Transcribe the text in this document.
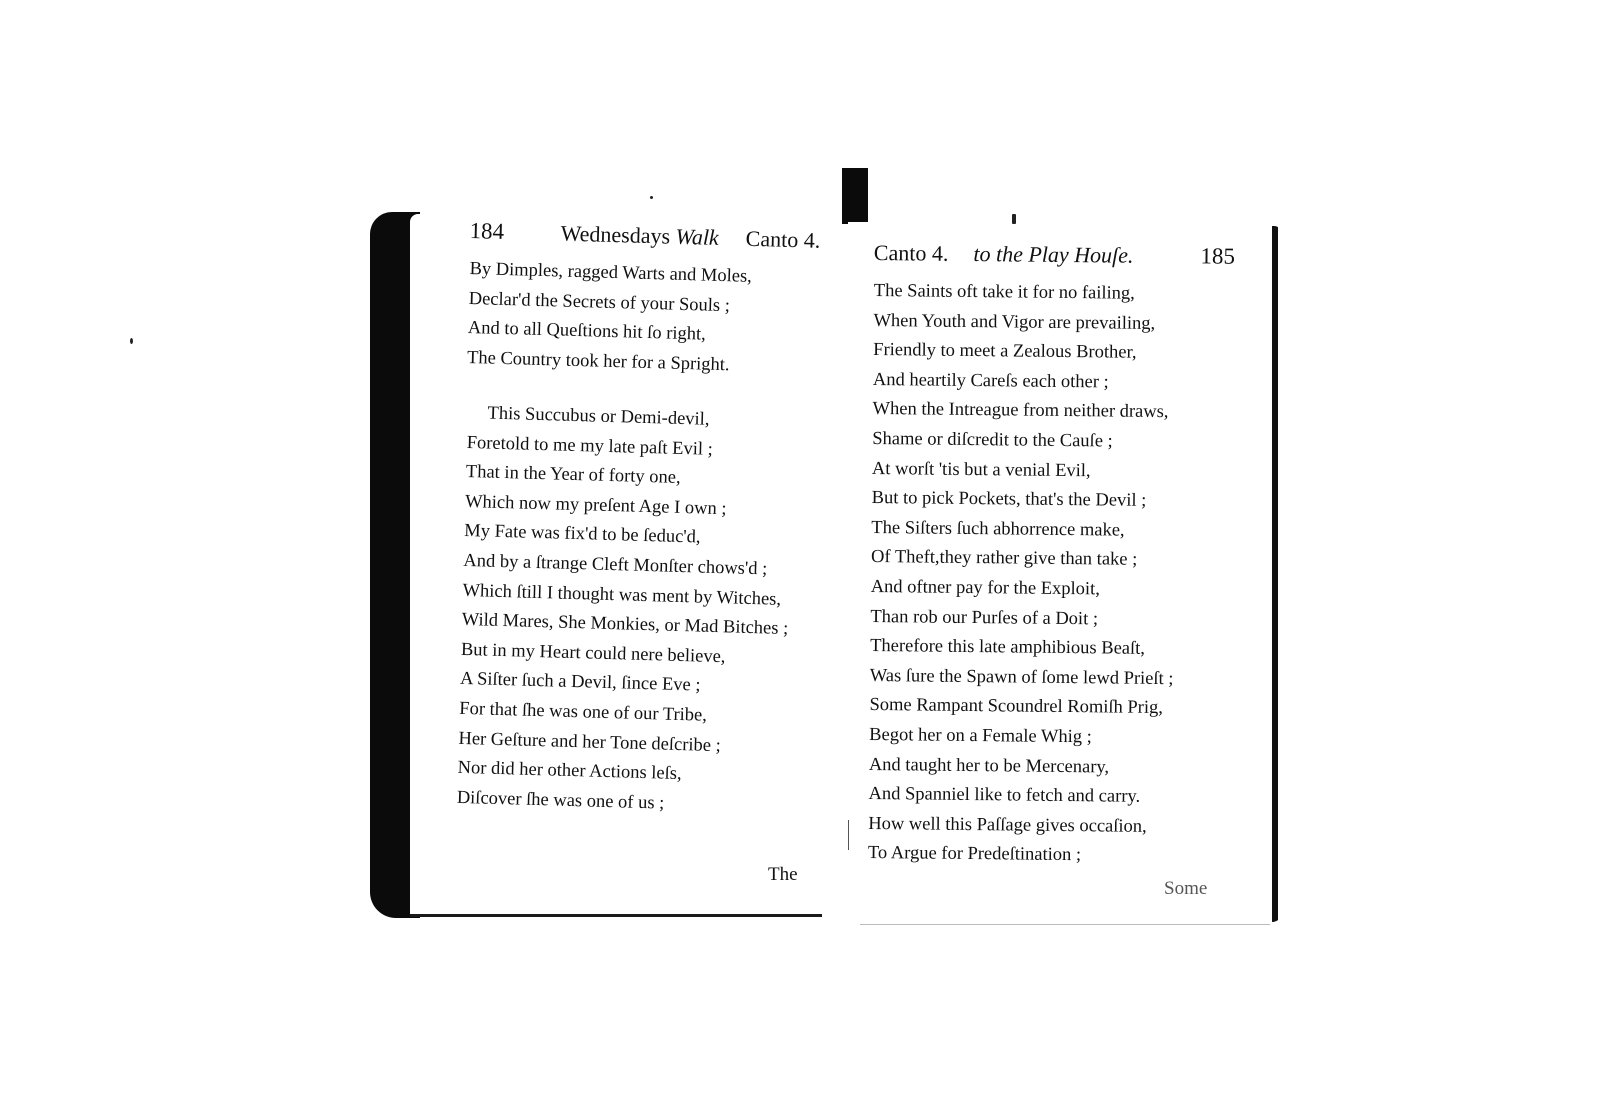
184	Wednesdays Walk Canto 4.
By Dimples, ragged Warts and Moles,
Declar'd the Secrets of your Souls ;
And to all Queſtions hit ſo right,
The Country took her for a Spright.
This Succubus or Demi-devil,
Foretold to me my late paſt Evil ;
That in the Year of forty one,
Which now my preſent Age I own ;
My Fate was fix'd to be ſeduc'd,
And by a ſtrange Cleft Monſter chows'd ;
Which ſtill I thought was ment by Witches,
Wild Mares, She Monkies, or Mad Bitches ;
But in my Heart could nere believe,
A Siſter ſuch a Devil, ſince Eve ;
For that ſhe was one of our Tribe,
Her Geſture and her Tone deſcribe ;
Nor did her other Actions leſs,
Diſcover ſhe was one of us ;
The
Canto 4. to the Play Houſe.	185
The Saints oft take it for no failing,
When Youth and Vigor are prevailing,
Friendly to meet a Zealous Brother,
And heartily Careſs each other ;
When the Intreague from neither draws,
Shame or diſcredit to the Cauſe ;
At worſt 'tis but a venial Evil,
But to pick Pockets, that's the Devil ;
The Siſters ſuch abhorrence make,
Of Theft,they rather give than take ;
And oftner pay for the Exploit,
Than rob our Purſes of a Doit ;
Therefore this late amphibious Beaſt,
Was ſure the Spawn of ſome lewd Prieſt ;
Some Rampant Scoundrel Romiſh Prig,
Begot her on a Female Whig ;
And taught her to be Mercenary,
And Spanniel like to fetch and carry.
How well this Paſſage gives occaſion,
To Argue for Predeſtination ;
Some
